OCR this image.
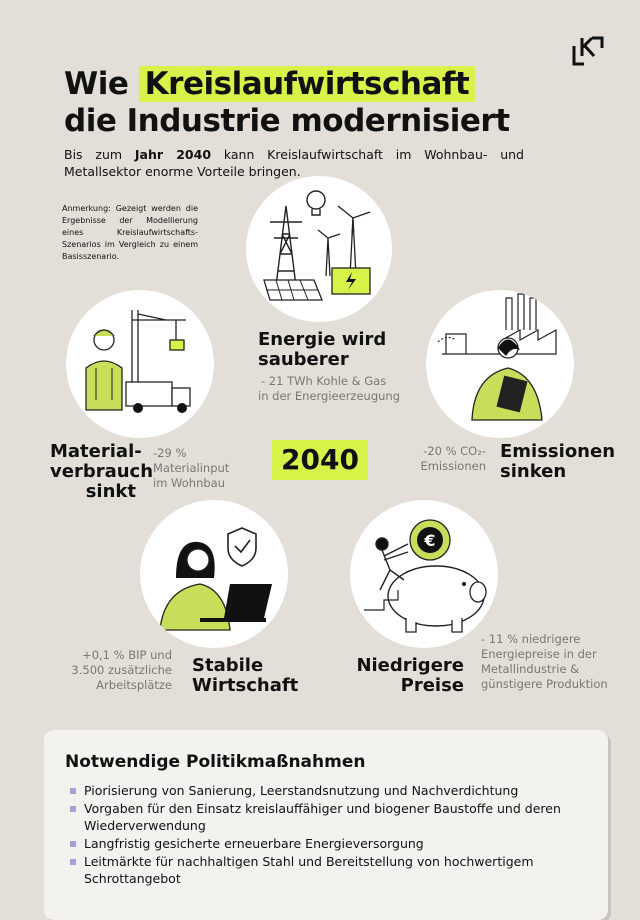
Wie Kreislaufwirtschaft
die Industrie modernisiert
Bis zum Jahr 2040 kann Kreislaufwirtschaft im Wohnbau- und Metallsektor enorme Vorteile bringen.
Anmerkung: Gezeigt werden die Ergebnisse der Modellierung eines Kreislaufwirtschafts-Szenarios im Vergleich zu einem Basisszenario.
Energie wird
sauberer
- 21 TWh Kohle & Gas
in der Energieerzeugung
Material-
verbrauch
sinkt
-29 %
Materialinput
im Wohnbau
2040	-20 % CO₂-
Emissionen
Emissionen
sinken
€
+0,1 % BIP und
3.500 zusätzliche
Arbeitsplätze
Stabile
Wirtschaft
Niedrigere
Preise
- 11 % niedrigere
Energiepreise in der
Metallindustrie &
günstigere Produktion
Notwendige Politikmaßnahmen
Piorisierung von Sanierung, Leerstandsnutzung und Nachverdichtung
Vorgaben für den Einsatz kreislauffähiger und biogener Baustoffe und deren Wiederverwendung
Langfristig gesicherte erneuerbare Energieversorgung
Leitmärkte für nachhaltigen Stahl und Bereitstellung von hochwertigem Schrottangebot
